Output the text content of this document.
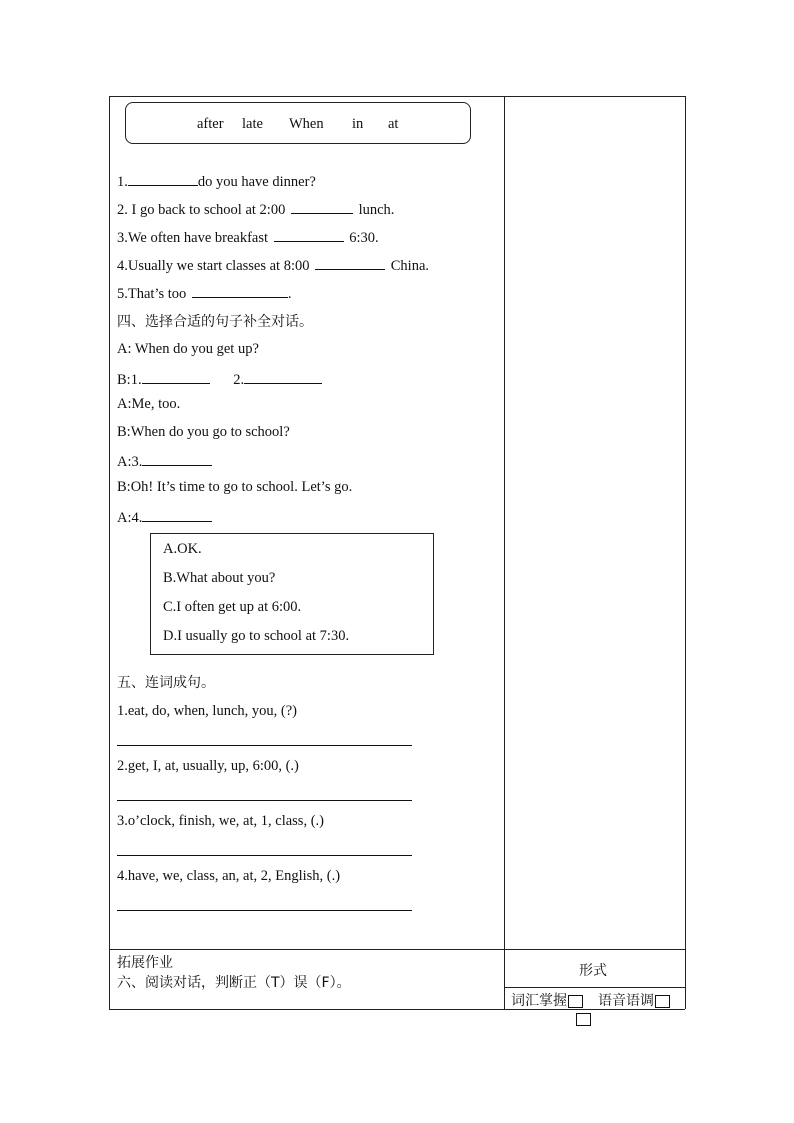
after late When in at
1.	do you have dinner?
2. I go back to school at 2:00	lunch.
3.We often have breakfast	6:30.
4.Usually we start classes at 8:00	China.
5.That’s too	.
四、选择合适的句子补全对话。
A: When do you get up?
B:1.	2.
A:Me, too.
B:When do you go to school?
A:3.
B:Oh! It’s time to go to school. Let’s go.
A:4.
A.OK.
B.What about you?
C.I often get up at 6:00.
D.I usually go to school at 7:30.
五、连词成句。
1.eat, do, when, lunch, you, (?)
2.get, I, at, usually, up, 6:00, (.)
3.o’clock, finish, we, at, 1, class, (.)
4.have, we, class, an, at, 2, English, (.)
拓展作业
六、阅读对话，判断正（T）误（F）。
形式
词汇掌握	语音语调
